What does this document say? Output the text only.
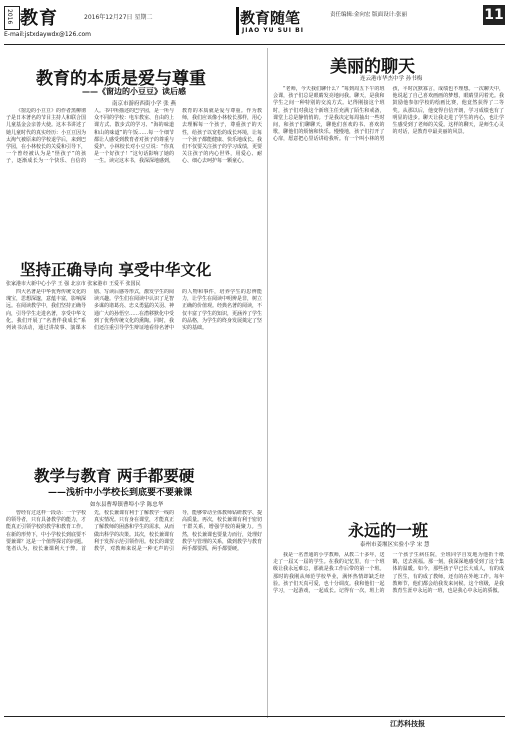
2016 教育	2016年12月27日 星期二
E-mail:jstxdaywdx@126.com
教育随笔
JIAO YU SUI BI
责任编辑:金向宏 版面设计:张丽	11
教育的本质是爱与尊重
——《窗边的小豆豆》读后感
南京市游府西街小学 张 燕

《窗边的小豆豆》的作者黑柳彻子是日本著名的节目主持人和联合国儿童基金会亲善大使。这本书讲述了她儿童时代的真实经历：小豆豆因为太淘气被原来的学校退学后，来到巴学园，在小林校长的关爱和引导下，一个曾经被认为是“怪孩子”的孩子，逐渐成长为一个快乐、自信的人。书中所描述的巴学园，是一所与众不同的学校：电车教室、自由的上课方式、散步式的学习、“海的味道和山的味道”的午饭……每一个细节都让人感受到教育者对孩子的尊重与爱护。小林校长对小豆豆说：“你真是一个好孩子！”这句话影响了她的一生。读完这本书，我深深地感到，教育的本质就是爱与尊重。作为教师，我们应该像小林校长那样，用心去理解每一个孩子，尊重孩子的天性，给孩子以宽松的成长环境，让每一个孩子都能健康、快乐地成长。我们不仅要关注孩子的学习成绩，更要关注孩子的内心世界，用爱心、耐心、细心去呵护每一颗童心。

美丽的聊天
连云港市华杰中学 孙书梅

“老师，今天我们聊什么？”每到周五下午的班会课，孩子们总是眼睛发亮地问我。聊天，是我和学生之间一种特别的交流方式。记得刚接这个班时，孩子们对我这个新班主任充满了陌生和戒备，课堂上总是静悄悄的。于是我决定每周抽出一些时间，和孩子们聊聊天，聊他们喜欢的书、喜欢的歌，聊他们的烦恼和快乐。慢慢地，孩子们打开了心扉，愿意把心里话讲给我听。有一个叫小林的男孩，平时沉默寡言，成绩也不理想。一次聊天中，他说起了自己喜欢画画的梦想，眼睛里闪着光。我鼓励他参加学校的绘画比赛，他竟然获得了二等奖。从那以后，他变得自信开朗，学习成绩也有了明显的进步。聊天让我走进了学生的内心，也让学生感受到了老师的关爱。这样的聊天，是师生心灵的对话，是教育中最美丽的风景。

坚持正确导向 享受中华文化
张家港市大新中心小学 王 强 北京市 张家港市 王爱平 张国民

四大名著是中华优秀传统文化的瑰宝，思想深邃，意蕴丰富，影响深远。在阅读教学中，我们坚持正确导向，引导学生走进名著，享受中华文化。我们开展了“名著伴我成长”系列读书活动，通过讲故事、演课本剧、写读后感等形式，激发学生的阅读兴趣。学生们在阅读中认识了足智多谋的诸葛亮、忠义勇猛的关羽、神通广大的孙悟空……在潜移默化中受到了优秀传统文化的熏陶。同时，我们还注重引导学生辩证地看待名著中的人物和事件，培养学生的思辨能力，让学生在阅读中明辨是非，树立正确的价值观。经典名著的阅读，不仅丰富了学生的知识，更涵养了学生的品格，为学生的终身发展奠定了坚实的基础。

教学与教育 两手都要硬
——浅析中小学校长到底要不要兼课
如东县曹埠镇曹埠小学 陈忠华

曾经有过这样一段话：一个学校的领导者，只有具备教学的能力，才能真正引领学校的教学和教育工作。在新的形势下，中小学校长到底要不要兼课？这是一个值得探讨的问题。笔者认为，校长兼课利大于弊。首先，校长兼课有利于了解教学一线的真实情况。只有身在课堂，才能真正了解教师的困惑和学生的需求，从而做出科学的决策。其次，校长兼课有利于发挥示范引领作用。校长的课堂教学，对教师来说是一种无声的引导，能够带动全体教师钻研教学、提高质量。再次，校长兼课有利于密切干群关系，增强学校的凝聚力。当然，校长兼课也要量力而行，处理好教学与管理的关系，做到教学与教育两手都要抓，两手都要硬。

永远的一班
泰州市姜堰区实验小学 宋 慧

我是一名普通的小学教师，从教二十多年，送走了一届又一届的学生。在我的记忆里，有一个班级让我永远难忘，那就是我工作后带的第一个班。那时的我刚从师范学校毕业，满怀热情却缺乏经验。孩子们天真可爱，也十分调皮。我和他们一起学习，一起游戏，一起成长。记得有一次，班上的一个孩子生病住院，全班同学自发地为他折千纸鹤，送去祝福。那一刻，我深深地感受到了这个集体的温暖。如今，那些孩子早已长大成人，有的成了医生，有的成了教师，还有的在外地工作。每年教师节，他们都会给我发来问候。这个班级，是我教育生涯中永远的一班，也是我心中永远的骄傲。

江苏科技报
